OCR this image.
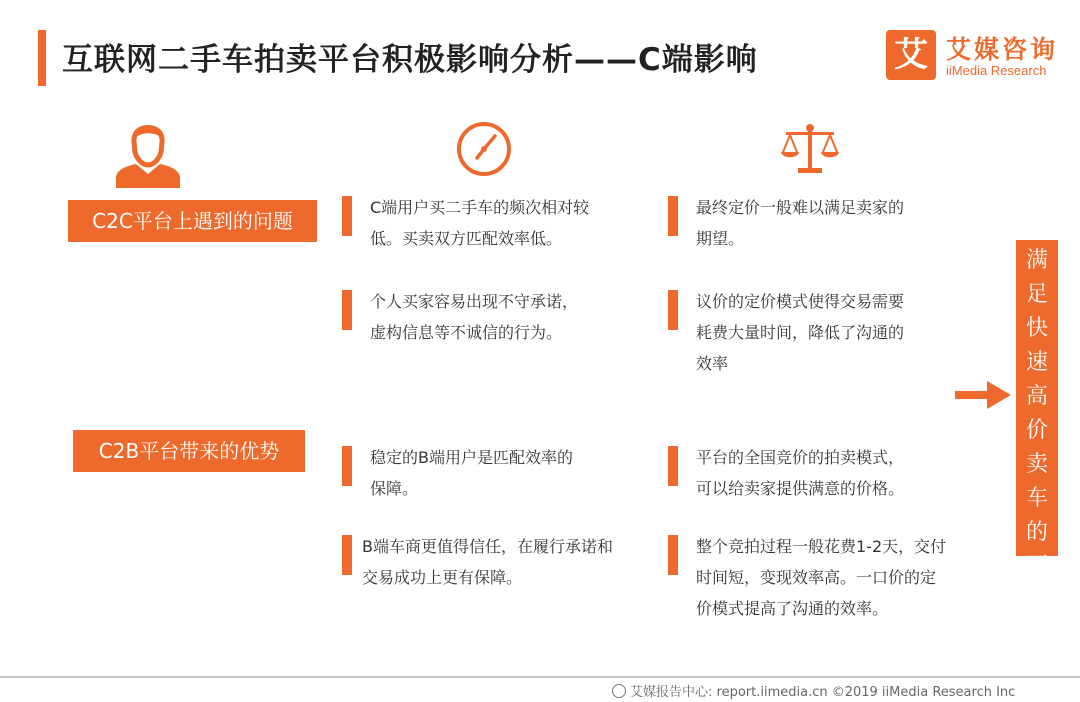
互联网二手车拍卖平台积极影响分析——C端影响	艾 艾媒咨询
iiMedia Research
C2C平台上遇到的问题
C2B平台带来的优势
C端用户买二手车的频次相对较
低。买卖双方匹配效率低。
个人买家容易出现不守承诺，
虚构信息等不诚信的行为。
最终定价一般难以满足卖家的
期望。
议价的定价模式使得交易需要
耗费大量时间，降低了沟通的
效率
稳定的B端用户是匹配效率的
保障。
B端车商更值得信任，在履行承诺和
交易成功上更有保障。
平台的全国竞价的拍卖模式，
可以给卖家提供满意的价格。
整个竞拍过程一般花费1-2天，交付
时间短，变现效率高。一口价的定
价模式提高了沟通的效率。
满足快速高价卖车的要求
艾媒报告中心: report.iimedia.cn ©2019 iiMedia Research Inc
